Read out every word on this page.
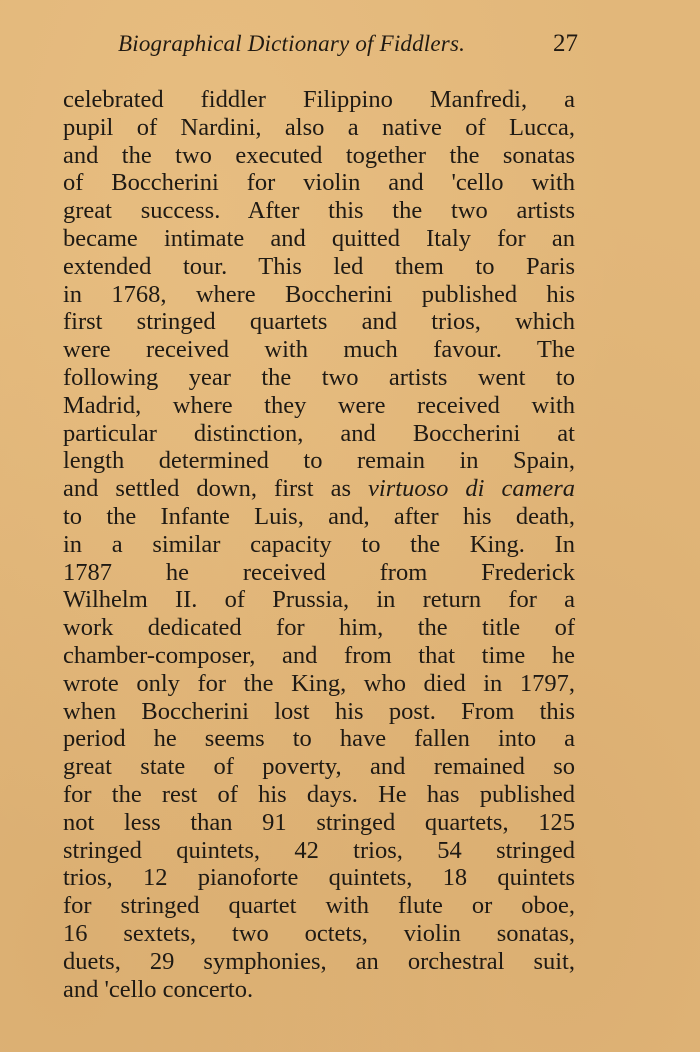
Biographical Dictionary of Fiddlers.	27
celebrated fiddler Filippino Manfredi, a
pupil of Nardini, also a native of Lucca,
and the two executed together the sonatas
of Boccherini for violin and 'cello with
great success. After this the two artists
became intimate and quitted Italy for an
extended tour. This led them to Paris
in 1768, where Boccherini published his
first stringed quartets and trios, which
were received with much favour. The
following year the two artists went to
Madrid, where they were received with
particular distinction, and Boccherini at
length determined to remain in Spain,
and settled down, first as virtuoso di camera
to the Infante Luis, and, after his death,
in a similar capacity to the King. In
1787 he received from Frederick
Wilhelm II. of Prussia, in return for a
work dedicated for him, the title of
chamber-composer, and from that time he
wrote only for the King, who died in 1797,
when Boccherini lost his post. From this
period he seems to have fallen into a
great state of poverty, and remained so
for the rest of his days. He has published
not less than 91 stringed quartets, 125
stringed quintets, 42 trios, 54 stringed
trios, 12 pianoforte quintets, 18 quintets
for stringed quartet with flute or oboe,
16 sextets, two octets, violin sonatas,
duets, 29 symphonies, an orchestral suit,
and 'cello concerto.
